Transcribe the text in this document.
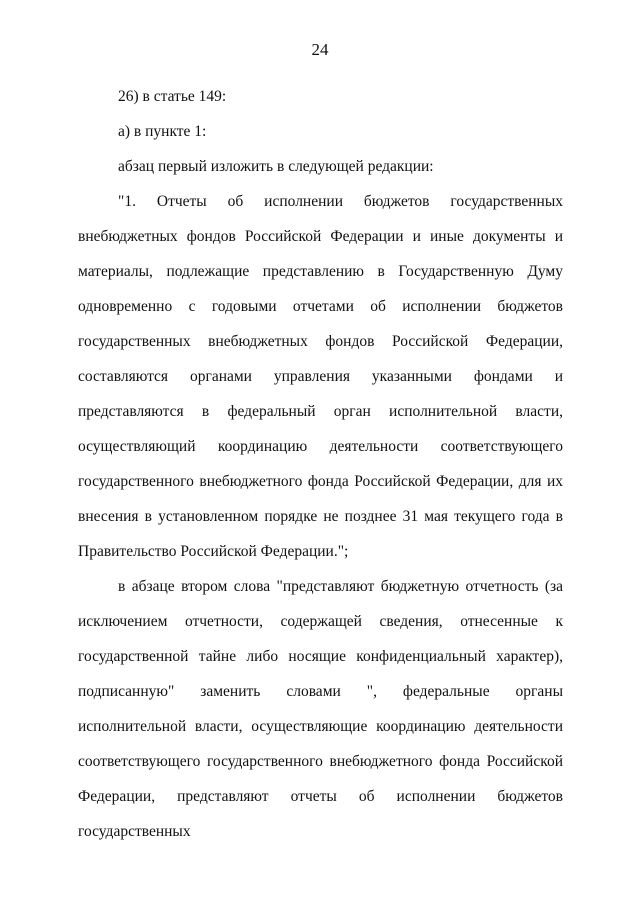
24

26) в статье 149:

а) в пункте 1:

абзац первый изложить в следующей редакции:

"1. Отчеты об исполнении бюджетов государственных внебюджетных фондов Российской Федерации и иные документы и материалы, подлежащие представлению в Государственную Думу одновременно с годовыми отчетами об исполнении бюджетов государственных внебюджетных фондов Российской Федерации, составляются органами управления указанными фондами и представляются в федеральный орган исполнительной власти, осуществляющий координацию деятельности соответствующего государственного внебюджетного фонда Российской Федерации, для их внесения в установленном порядке не позднее 31 мая текущего года в Правительство Российской Федерации.";

в абзаце втором слова "представляют бюджетную отчетность (за исключением отчетности, содержащей сведения, отнесенные к государственной тайне либо носящие конфиденциальный характер), подписанную" заменить словами ", федеральные органы исполнительной власти, осуществляющие координацию деятельности соответствующего государственного внебюджетного фонда Российской Федерации, представляют отчеты об исполнении бюджетов государственных
